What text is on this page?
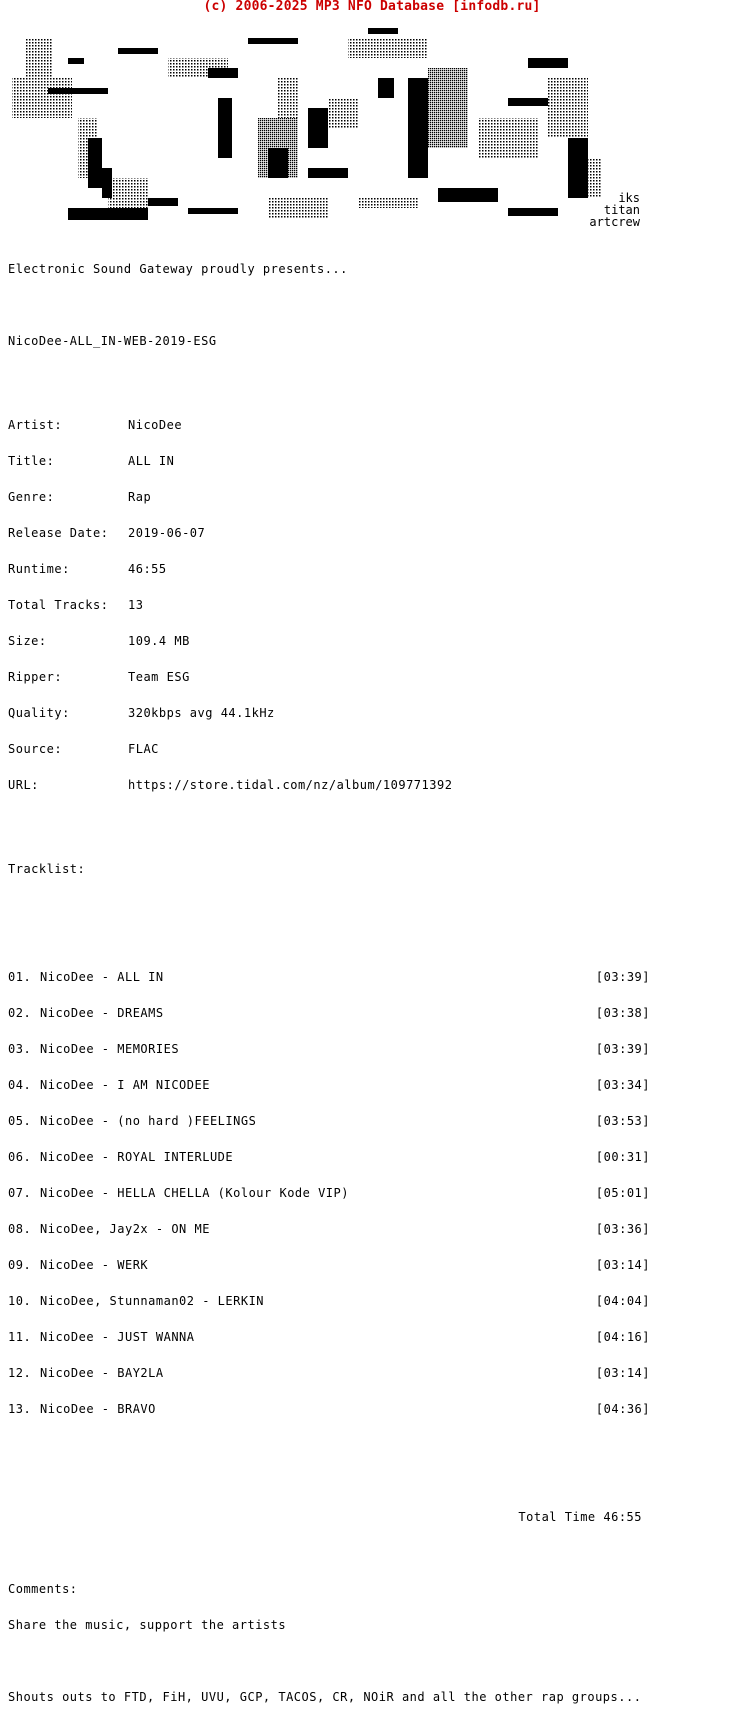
(c) 2006-2025 MP3 NFO Database [infodb.ru]
iks
titan
artcrew

Electronic Sound Gateway proudly presents...

NicoDee-ALL_IN-WEB-2019-ESG

Artist:	NicoDee

Title:	ALL IN

Genre:	Rap

Release Date:	2019-06-07

Runtime:	46:55

Total Tracks:	13

Size:	109.4 MB

Ripper:	Team ESG

Quality:	320kbps avg 44.1kHz

Source:	FLAC

URL:	https://store.tidal.com/nz/album/109771392

Tracklist:

01. NicoDee - ALL IN	[ 03:39 ]

02. NicoDee - DREAMS	[ 03:38 ]

03. NicoDee - MEMORIES	[ 03:39 ]

04. NicoDee - I AM NICODEE	[ 03:34 ]

05. NicoDee - (no hard )FEELINGS	[ 03:53 ]

06. NicoDee - ROYAL INTERLUDE	[ 00:31 ]

07. NicoDee - HELLA CHELLA (Kolour Kode VIP)	[ 05:01 ]

08. NicoDee, Jay2x - ON ME	[ 03:36 ]

09. NicoDee - WERK	[ 03:14 ]

10. NicoDee, Stunnaman02 - LERKIN	[ 04:04 ]

11. NicoDee - JUST WANNA	[ 04:16 ]

12. NicoDee - BAY2LA	[ 03:14 ]

13. NicoDee - BRAVO	[ 04:36 ]

Total Time 46:55

Comments:

Share the music, support the artists

Shouts outs to FTD, FiH, UVU, GCP, TACOS, CR, NOiR and all the other rap groups...
